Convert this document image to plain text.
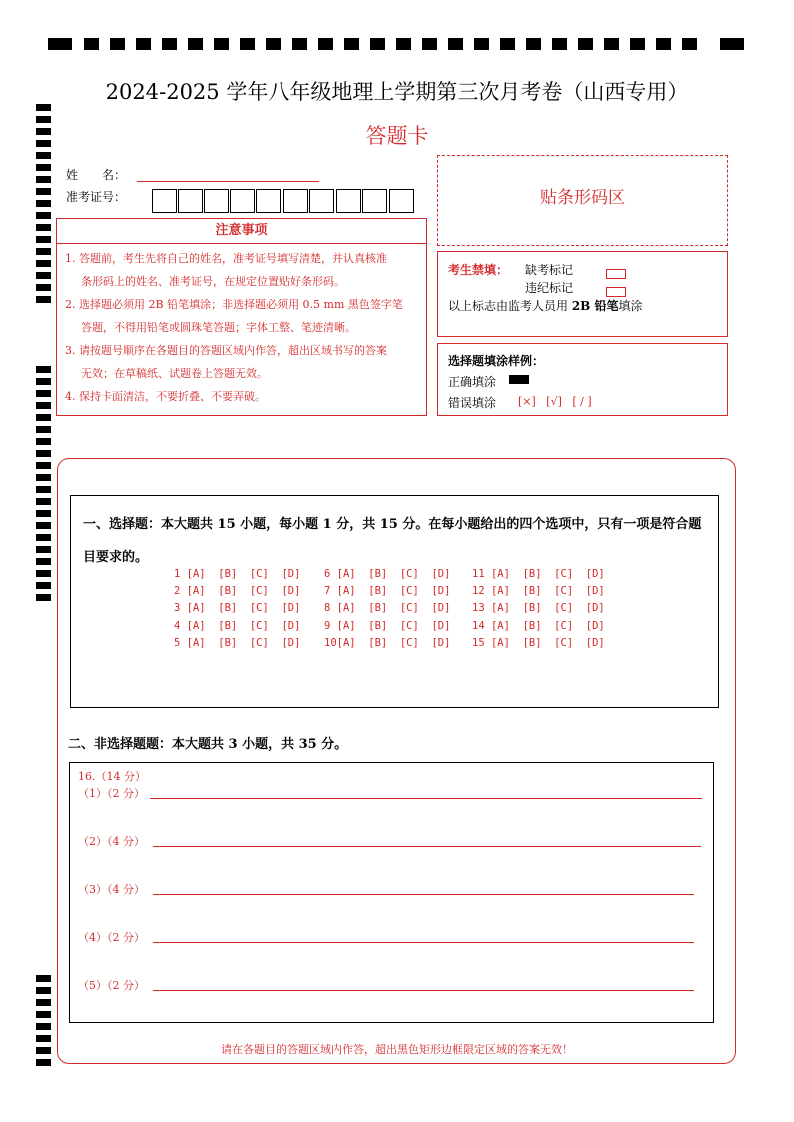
2024-2025 学年八年级地理上学期第三次月考卷（山西专用）
答题卡
姓　　名：
准考证号：
注意事项
1. 答题前，考生先将自己的姓名，准考证号填写清楚，并认真核准
条形码上的姓名、准考证号，在规定位置贴好条形码。
2. 选择题必须用 2B 铅笔填涂；非选择题必须用 0.5 mm 黑色签字笔
答题，不得用铅笔或圆珠笔答题；字体工整、笔迹清晰。
3. 请按题号顺序在各题目的答题区域内作答，超出区域书写的答案
无效；在草稿纸、试题卷上答题无效。
4. 保持卡面清洁，不要折叠、不要弄破。
贴条形码区
考生禁填： 缺考标记
违纪标记
以上标志由监考人员用 2B 铅笔填涂
选择题填涂样例：
正确填涂
错误填涂 [×]   [√]   [ / ]
一、选择题：本大题共 15 小题，每小题 1 分，共 15 分。在每小题给出的四个选项中，只有一项是符合题目要求的。
1 [A]  [B]  [C]  [D]
2 [A]  [B]  [C]  [D]
3 [A]  [B]  [C]  [D]
4 [A]  [B]  [C]  [D]
5 [A]  [B]  [C]  [D]
6 [A]  [B]  [C]  [D]
7 [A]  [B]  [C]  [D]
8 [A]  [B]  [C]  [D]
9 [A]  [B]  [C]  [D]
10[A]  [B]  [C]  [D]
11 [A]  [B]  [C]  [D]
12 [A]  [B]  [C]  [D]
13 [A]  [B]  [C]  [D]
14 [A]  [B]  [C]  [D]
15 [A]  [B]  [C]  [D]
二、非选择题题：本大题共 3 小题，共 35 分。
16.（14 分）
（1）（2 分）
（2）（4 分）
（3）（4 分）
（4）（2 分）
（5）（2 分）
请在各题目的答题区域内作答，超出黑色矩形边框限定区域的答案无效！
